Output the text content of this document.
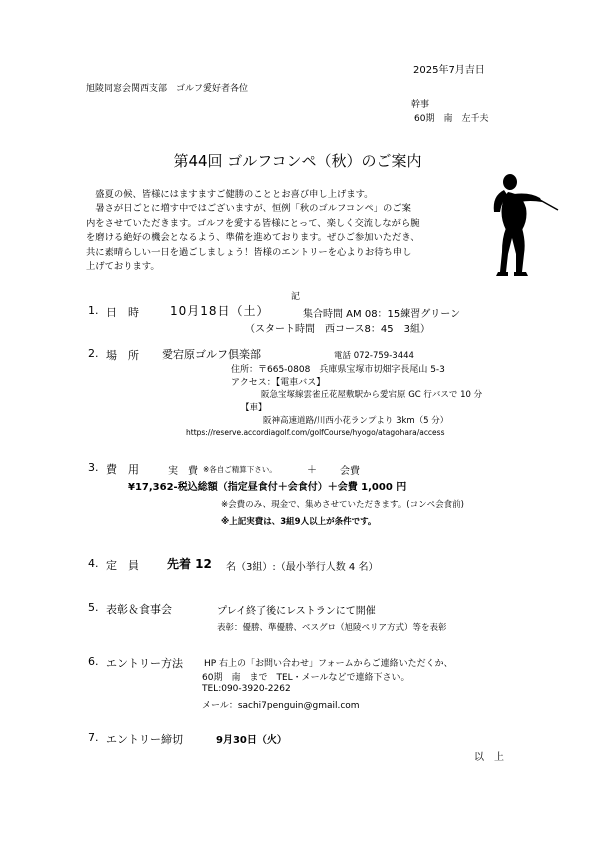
2025年7月吉日
旭陵同窓会関西支部　ゴルフ愛好者各位
幹事
60期　南　左千夫
第44回 ゴルフコンペ（秋）のご案内
盛夏の候、皆様にはますますご健勝のこととお喜び申し上げます。
暑さが日ごとに増す中ではございますが、恒例「秋のゴルフコンペ」のご案内をさせていただきます。ゴルフを愛する皆様にとって、楽しく交流しながら腕を磨ける絶好の機会となるよう、準備を進めております。ぜひご参加いただき、共に素晴らしい一日を過ごしましょう！皆様のエントリーを心よりお待ち申し上げております。
記
1. 日　時	10月18日（土）	集合時間 AM 08：15練習グリーン
（スタート時間　西コース8：45　3組）
2. 場　所 愛宕原ゴルフ倶楽部	電話 072-759-3444
住所：〒665-0808　兵庫県宝塚市切畑字長尾山 5-3
アクセス：【電車バス】
阪急宝塚線雲雀丘花屋敷駅から愛宕原 GC 行バスで 10 分
【車】
阪神高速道路/川西小花ランプより 3km（5 分）
https://reserve.accordiagolf.com/golfCourse/hyogo/atagohara/access
3. 費　用	実　費 ※各自ご精算下さい。	＋ 会費
¥17,362-税込総額（指定昼食付＋会食付）＋会費 1,000 円
※会費のみ、現金で、集めさせていただきます。(コンペ会食前)
※上記実費は、3組9人以上が条件です。
4. 定　員 先着 12 名（3組）:（最小挙行人数 4 名）
5. 表彰＆食事会	プレイ終了後にレストランにて開催
表彰：優勝、準優勝、ベスグロ（旭陵ペリア方式）等を表彰
6. エントリー方法 HP 右上の「お問い合わせ」フォームからご連絡いただくか、
60期　南　まで　TEL・メールなどで連絡下さい。
TEL:090-3920-2262
メール：sachi7penguin@gmail.com
7. エントリー締切	9月30日（火）
以　上
